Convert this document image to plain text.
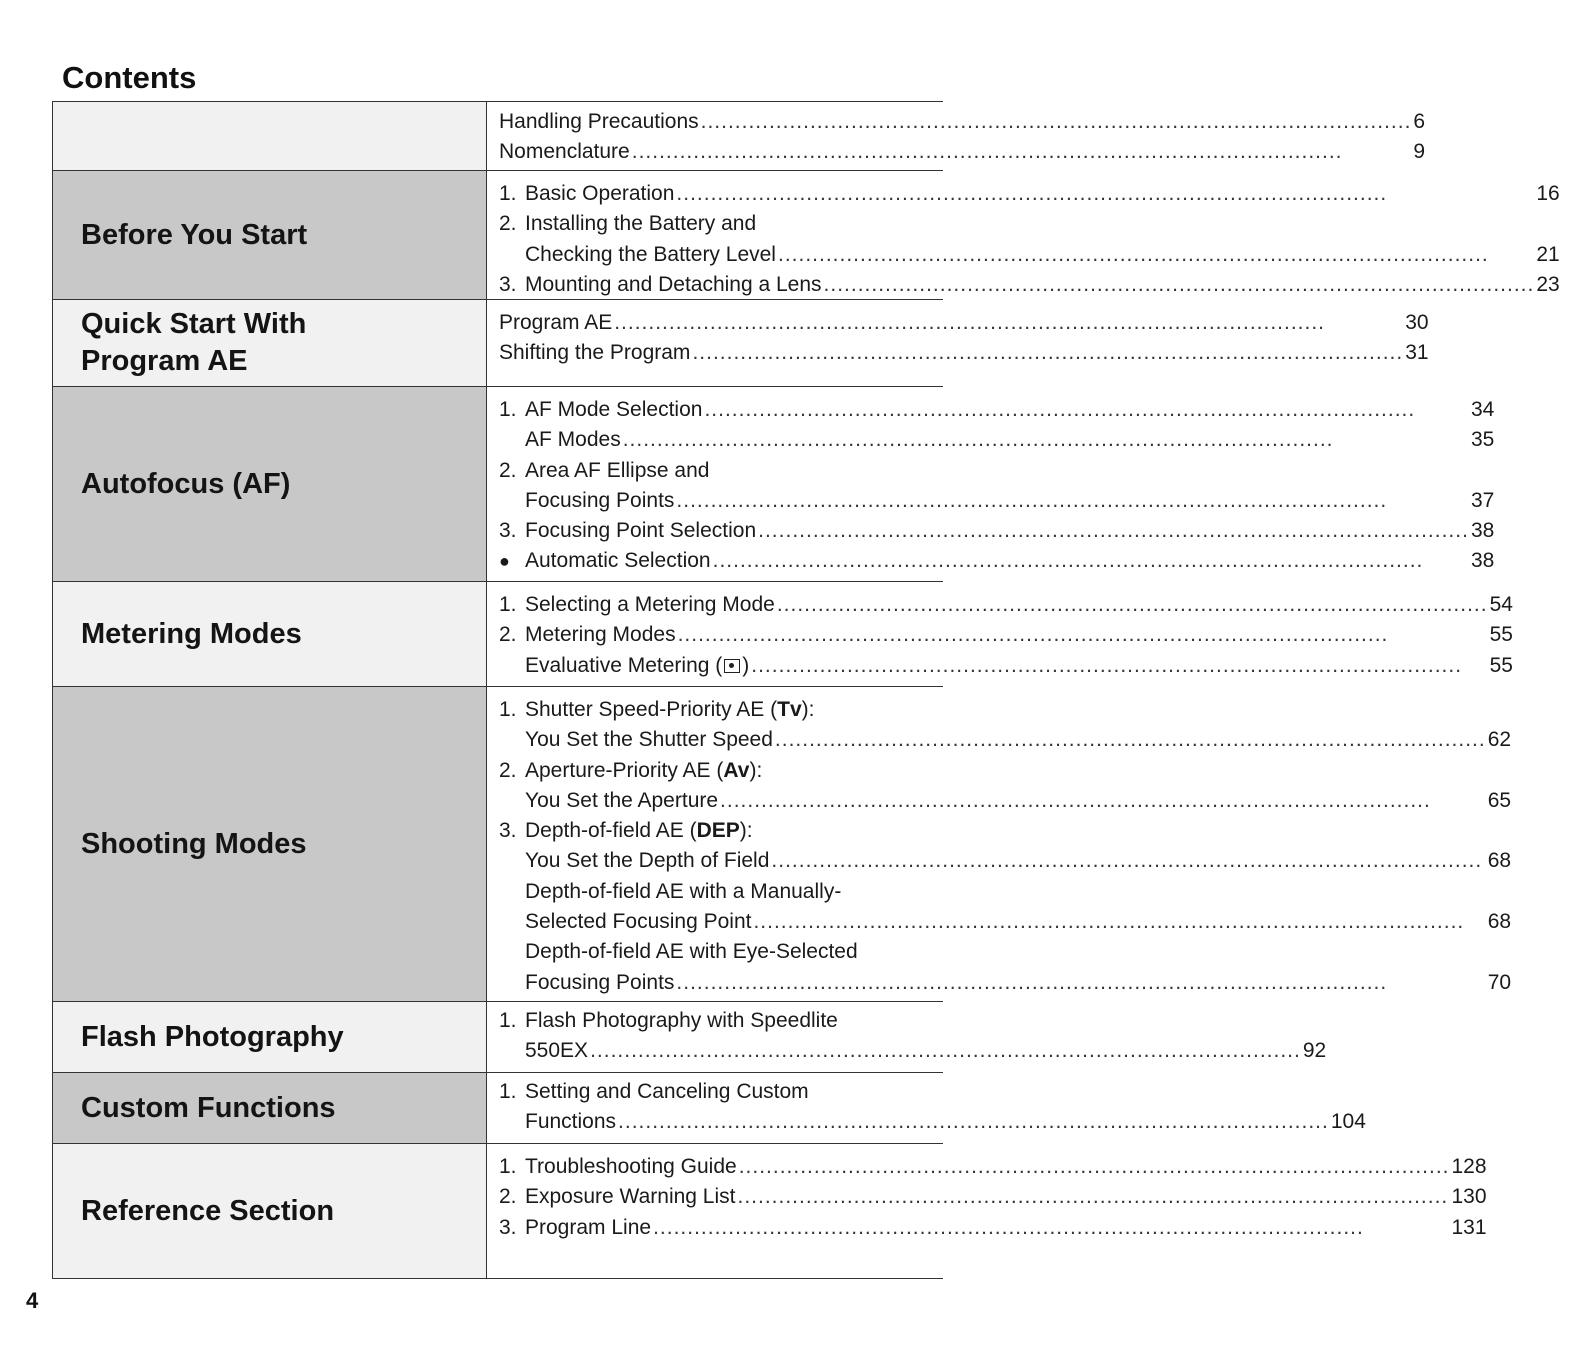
Contents
Handling Precautions .....	6
Nomenclature .....	9
Before You Start
1. Basic Operation .....	16
2. Installing the Battery and
Checking the Battery Level .....	21
3. Mounting and Detaching a Lens .....	23
Quick Start With
Program AE
Program AE .....	30
Shifting the Program .....	31
Autofocus (AF)
1. AF Mode Selection .....	34
AF Modes .....	35
2. Area AF Ellipse and
Focusing Points .....	37
3. Focusing Point Selection .....	38
● Automatic Selection .....	38
Metering Modes
1. Selecting a Metering Mode .....	54
2. Metering Modes .....	55
Evaluative Metering ( ) .....	55
Shooting Modes
1. Shutter Speed-Priority AE (Tv):
You Set the Shutter Speed .....	62
2. Aperture-Priority AE (Av):
You Set the Aperture .....	65
3. Depth-of-field AE (DEP):
You Set the Depth of Field .....	68
Depth-of-field AE with a Manually-
Selected Focusing Point .....	68
Depth-of-field AE with Eye-Selected
Focusing Points .....	70
Flash Photography	1. Flash Photography with Speedlite
550EX .....	92
Custom Functions	1. Setting and Canceling Custom
Functions .....	104
Reference Section
1. Troubleshooting Guide .....	128
2. Exposure Warning List .....	130
3. Program Line .....	131
4
